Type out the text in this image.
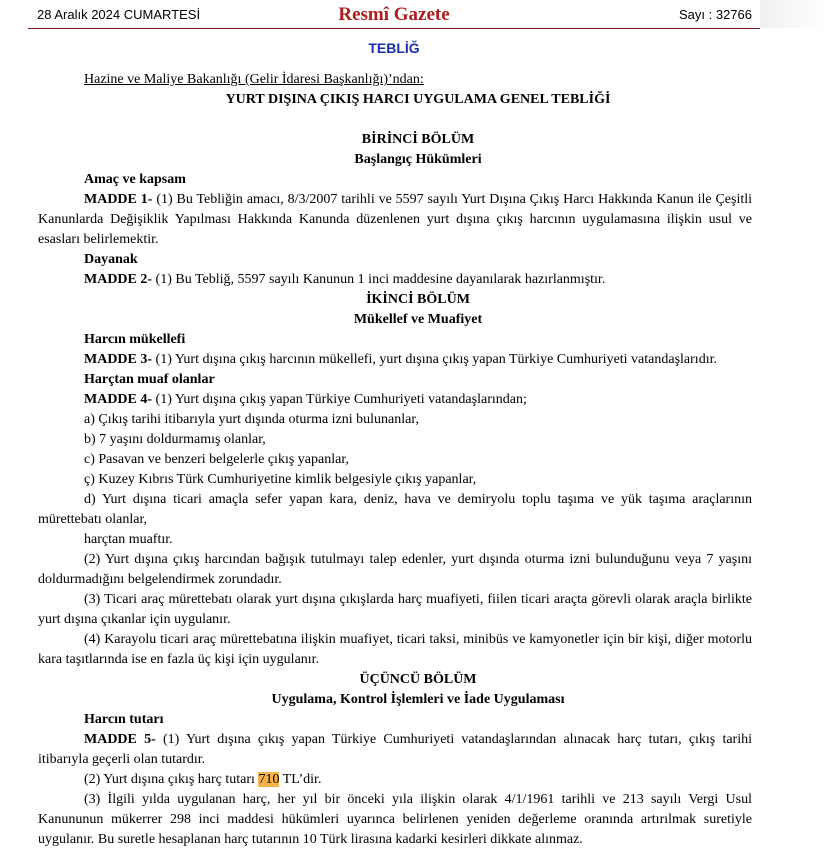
28 Aralık 2024 CUMARTESİ	Resmî Gazete	Sayı : 32766
TEBLİĞ

Hazine ve Maliye Bakanlığı (Gelir İdaresi Başkanlığı)’ndan:

YURT DIŞINA ÇIKIŞ HARCI UYGULAMA GENEL TEBLİĞİ

BİRİNCİ BÖLÜM

Başlangıç Hükümleri

Amaç ve kapsam

MADDE 1- (1) Bu Tebliğin amacı, 8/3/2007 tarihli ve 5597 sayılı Yurt Dışına Çıkış Harcı Hakkında Kanun ile Çeşitli Kanunlarda Değişiklik Yapılması Hakkında Kanunda düzenlenen yurt dışına çıkış harcının uygulamasına ilişkin usul ve esasları belirlemektir.

Dayanak

MADDE 2- (1) Bu Tebliğ, 5597 sayılı Kanunun 1 inci maddesine dayanılarak hazırlanmıştır.

İKİNCİ BÖLÜM

Mükellef ve Muafiyet

Harcın mükellefi

MADDE 3- (1) Yurt dışına çıkış harcının mükellefi, yurt dışına çıkış yapan Türkiye Cumhuriyeti vatandaşlarıdır.

Harçtan muaf olanlar

MADDE 4- (1) Yurt dışına çıkış yapan Türkiye Cumhuriyeti vatandaşlarından;

a) Çıkış tarihi itibarıyla yurt dışında oturma izni bulunanlar,

b) 7 yaşını doldurmamış olanlar,

c) Pasavan ve benzeri belgelerle çıkış yapanlar,

ç) Kuzey Kıbrıs Türk Cumhuriyetine kimlik belgesiyle çıkış yapanlar,

d) Yurt dışına ticari amaçla sefer yapan kara, deniz, hava ve demiryolu toplu taşıma ve yük taşıma araçlarının mürettebatı olanlar,

harçtan muaftır.

(2) Yurt dışına çıkış harcından bağışık tutulmayı talep edenler, yurt dışında oturma izni bulunduğunu veya 7 yaşını doldurmadığını belgelendirmek zorundadır.

(3) Ticari araç mürettebatı olarak yurt dışına çıkışlarda harç muafiyeti, fiilen ticari araçta görevli olarak araçla birlikte yurt dışına çıkanlar için uygulanır.

(4) Karayolu ticari araç mürettebatına ilişkin muafiyet, ticari taksi, minibüs ve kamyonetler için bir kişi, diğer motorlu kara taşıtlarında ise en fazla üç kişi için uygulanır.

ÜÇÜNCÜ BÖLÜM

Uygulama, Kontrol İşlemleri ve İade Uygulaması

Harcın tutarı

MADDE 5- (1) Yurt dışına çıkış yapan Türkiye Cumhuriyeti vatandaşlarından alınacak harç tutarı, çıkış tarihi itibarıyla geçerli olan tutardır.

(2) Yurt dışına çıkış harç tutarı 710 TL’dir.

(3) İlgili yılda uygulanan harç, her yıl bir önceki yıla ilişkin olarak 4/1/1961 tarihli ve 213 sayılı Vergi Usul Kanununun mükerrer 298 inci maddesi hükümleri uyarınca belirlenen yeniden değerleme oranında artırılmak suretiyle uygulanır. Bu suretle hesaplanan harç tutarının 10 Türk lirasına kadarki kesirleri dikkate alınmaz.
